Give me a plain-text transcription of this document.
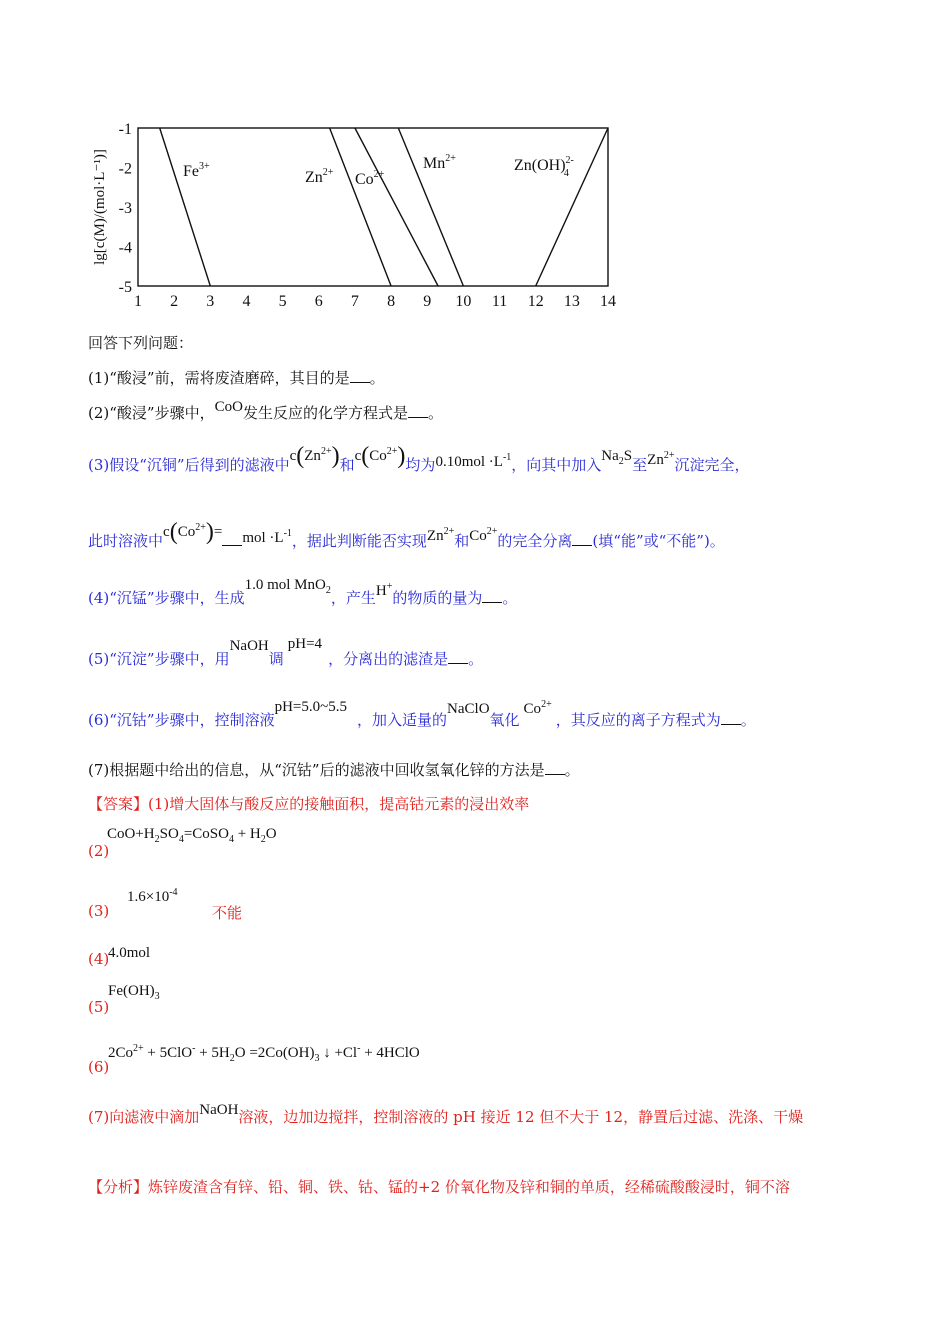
1 2 3 4 5 6 7 8 9 10 11 12 13 14
-1
-2
-3
-4
-5
lg[c(M)/(mol·L⁻¹)]	$Fe^{3+}$
$Zn^{2+}$ $Co^{2+}$
$Mn^{2+}$	Zn(OH)$^{2-}$4
回答下列问题：
(1)“酸浸”前，需将废渣磨碎，其目的是 。
(2)“酸浸”步骤中，CoO发生反应的化学方程式是 。
(3)假设“沉铜”后得到的滤液中$c(Zn^{2+})$和$c(Co^{2+})$均为$0.10mol \cdot L^{-1}$，向其中加入$Na_2S$至$Zn^{2+}$沉淀完全，
此时溶液中$c(Co^{2+})=$ mol $\cdot L^{-1}$，据此判断能否实现$Zn^{2+}$和$Co^{2+}$的完全分离 (填“能”或“不能”)。
(4)“沉锰”步骤中，生成1.0 mol MnO$_2$，产生H+的物质的量为 。
(5)“沉淀”步骤中，用NaOH调pH=4，分离出的滤渣是 。
(6)“沉钴”步骤中，控制溶液pH=5.0~5.5，加入适量的NaClO氧化$Co^{2+}$，其反应的离子方程式为 。
(7)根据题中给出的信息，从“沉钴”后的滤液中回收氢氧化锌的方法是 。
【答案】(1)增大固体与酸反应的接触面积，提高钴元素的浸出效率
(2)
$CoO+H_2SO_4=CoSO_4 + H_2O$
(3)
$1.6\times 10^{-4}$
不能
(4)
4.0mol
(5)
$Fe(OH)_3$
(6)
$2Co^{2+} + 5ClO^- + 5H_2O =2Co(OH)_3$ ↓ +Cl- + 4HClO
(7)向滤液中滴加NaOH溶液，边加边搅拌，控制溶液的 pH 接近 12 但不大于 12，静置后过滤、洗涤、干燥
【分析】炼锌废渣含有锌、铅、铜、铁、钴、锰的+2 价氧化物及锌和铜的单质，经稀硫酸酸浸时，铜不溶
